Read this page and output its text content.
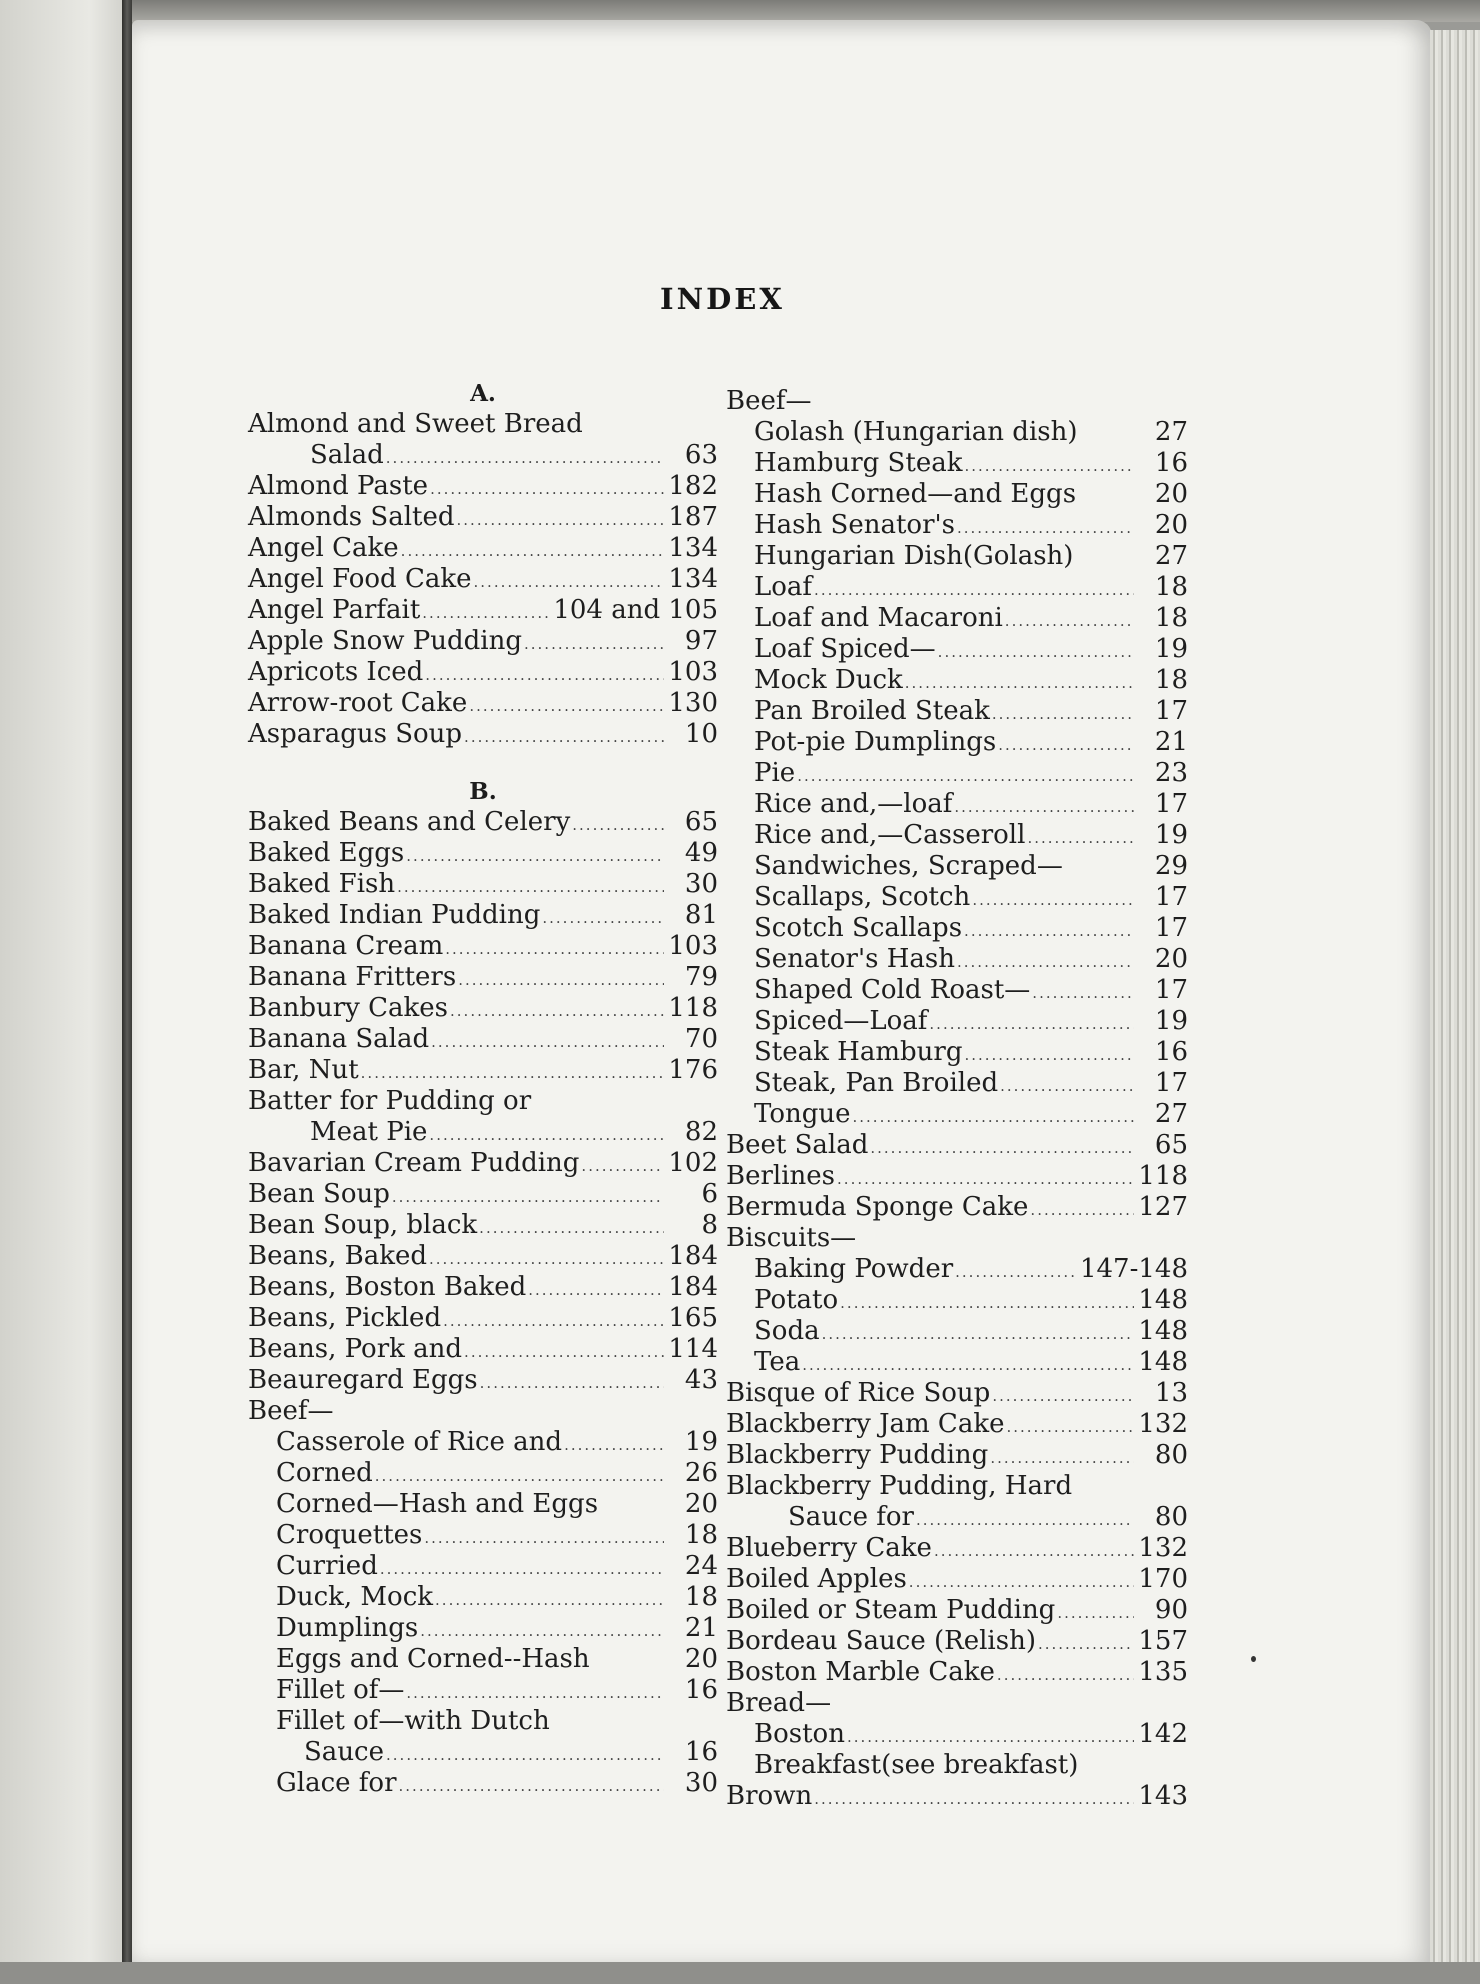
INDEX
A.
Almond and Sweet Bread
Salad .....	63
Almond Paste .....	182
Almonds Salted .....	187
Angel Cake .....	134
Angel Food Cake .....	134
Angel Parfait .....	104 and 105
Apple Snow Pudding .....	97
Apricots Iced .....	103
Arrow-root Cake .....	130
Asparagus Soup .....	10
B.
Baked Beans and Celery .....	65
Baked Eggs .....	49
Baked Fish .....	30
Baked Indian Pudding .....	81
Banana Cream .....	103
Banana Fritters .....	79
Banbury Cakes .....	118
Banana Salad .....	70
Bar, Nut .....	176
Batter for Pudding or
Meat Pie .....	82
Bavarian Cream Pudding .....	102
Bean Soup .....	6
Bean Soup, black .....	8
Beans, Baked .....	184
Beans, Boston Baked .....	184
Beans, Pickled .....	165
Beans, Pork and .....	114
Beauregard Eggs .....	43
Beef—
Casserole of Rice and .....	19
Corned .....	26
Corned—Hash and Eggs	20
Croquettes .....	18
Curried .....	24
Duck, Mock .....	18
Dumplings .....	21
Eggs and Corned--Hash	20
Fillet of— .....	16
Fillet of—with Dutch
Sauce .....	16
Glace for .....	30
Beef—
Golash (Hungarian dish)	27
Hamburg Steak .....	16
Hash Corned—and Eggs	20
Hash Senator's .....	20
Hungarian Dish(Golash)	27
Loaf .....	18
Loaf and Macaroni .....	18
Loaf Spiced— .....	19
Mock Duck .....	18
Pan Broiled Steak .....	17
Pot-pie Dumplings .....	21
Pie .....	23
Rice and,—loaf .....	17
Rice and,—Casseroll .....	19
Sandwiches, Scraped—	29
Scallaps, Scotch .....	17
Scotch Scallaps .....	17
Senator's Hash .....	20
Shaped Cold Roast— .....	17
Spiced—Loaf .....	19
Steak Hamburg .....	16
Steak, Pan Broiled .....	17
Tongue .....	27
Beet Salad .....	65
Berlines .....	118
Bermuda Sponge Cake .....	127
Biscuits—
Baking Powder .....	147-148
Potato .....	148
Soda .....	148
Tea .....	148
Bisque of Rice Soup .....	13
Blackberry Jam Cake .....	132
Blackberry Pudding .....	80
Blackberry Pudding, Hard
Sauce for .....	80
Blueberry Cake .....	132
Boiled Apples .....	170
Boiled or Steam Pudding .....	90
Bordeau Sauce (Relish) .....	157
Boston Marble Cake .....	135
Bread—
Boston .....	142
Breakfast(see breakfast)
Brown .....	143
